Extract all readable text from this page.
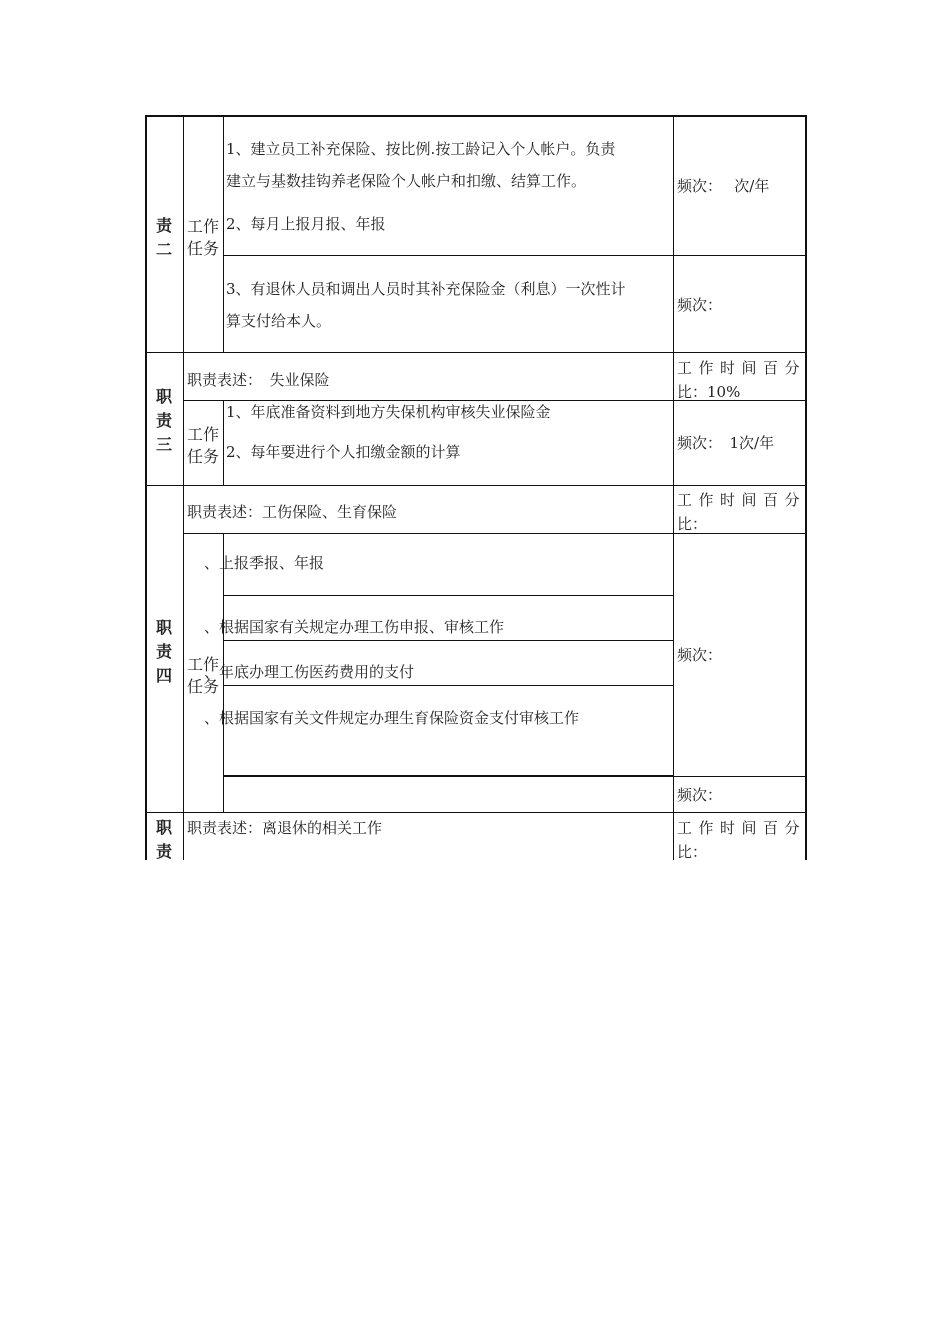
责
二
工作
任务
1、建立员工补充保险、按比例.按工龄记入个人帐户。负责
建立与基数挂钩养老保险个人帐户和扣缴、结算工作。
2、每月上报月报、年报
3、有退休人员和调出人员时其补充保险金（利息）一次性计
算支付给本人。
频次：　 次/年
频次：
职
责
三
职责表述：　失业保险
工作时间百分
比：10%
工作
任务
1、年底准备资料到地方失保机构审核失业保险金
2、每年要进行个人扣缴金额的计算	频次：　1次/年
职
责
四
职责表述：工伤保险、生育保险
工作时间百分
比：
工作
任务
、上报季报、年报
、根据国家有关规定办理工伤申报、审核工作
、年底办理工伤医药费用的支付
、根据国家有关文件规定办理生育保险资金支付审核工作
频次：
频次：
职
责
职责表述：离退休的相关工作	工作时间百分
比：
